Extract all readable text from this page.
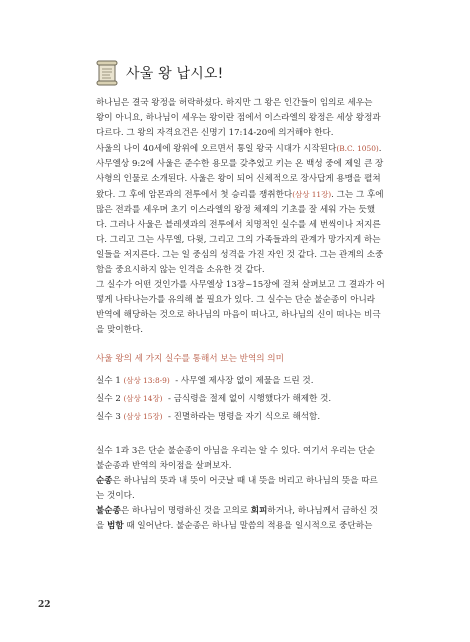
사울 왕 납시오!
하나님은 결국 왕정을 허락하셨다. 하지만 그 왕은 인간들이 임의로 세우는
왕이 아니요, 하나님이 세우는 왕이란 점에서 이스라엘의 왕정은 세상 왕정과
다르다. 그 왕의 자격요건은 신명기 17:14-20에 의거해야 한다.
사울의 나이 40세에 왕위에 오르면서 통일 왕국 시대가 시작된다(B.C. 1050).
사무엘상 9:2에 사울은 준수한 용모를 갖추었고 키는 온 백성 중에 제일 큰 장
사형의 인물로 소개된다. 사울은 왕이 되어 신체적으로 장사답게 용맹을 펼쳐
왔다. 그 후에 암몬과의 전투에서 첫 승리를 쟁취한다(삼상 11장). 그는 그 후에
많은 전과를 세우며 초기 이스라엘의 왕정 체제의 기초를 잘 세워 가는 듯했
다. 그러나 사울은 블레셋과의 전투에서 치명적인 실수를 세 번씩이나 저지른
다. 그리고 그는 사무엘, 다윗, 그리고 그의 가족들과의 관계가 망가지게 하는
일들을 저지른다. 그는 일 중심의 성격을 가진 자인 것 같다. 그는 관계의 소중
함을 중요시하지 않는 인격을 소유한 것 같다.
그 실수가 어떤 것인가를 사무엘상 13장~15장에 걸쳐 살펴보고 그 결과가 어
떻게 나타나는가를 유의해 볼 필요가 있다. 그 실수는 단순 불순종이 아니라
반역에 해당하는 것으로 하나님의 마음이 떠나고, 하나님의 신이 떠나는 비극
을 맞이한다.
사울 왕의 세 가지 실수를 통해서 보는 반역의 의미
실수 1 (삼상 13:8-9) - 사무엘 제사장 없이 제물을 드린 것.
실수 2 (삼상 14장) - 금식령을 절제 없이 시행했다가 해제한 것.
실수 3 (삼상 15장) - 진멸하라는 명령을 자기 식으로 해석함.
실수 1과 3은 단순 불순종이 아님을 우리는 알 수 있다. 여기서 우리는 단순
불순종과 반역의 차이점을 살펴보자.
순종은 하나님의 뜻과 내 뜻이 어긋날 때 내 뜻을 버리고 하나님의 뜻을 따르
는 것이다.
불순종은 하나님이 명령하신 것을 고의로 회피하거나, 하나님께서 금하신 것
을 범함 때 일어난다. 불순종은 하나님 말씀의 적용을 일시적으로 중단하는
22
